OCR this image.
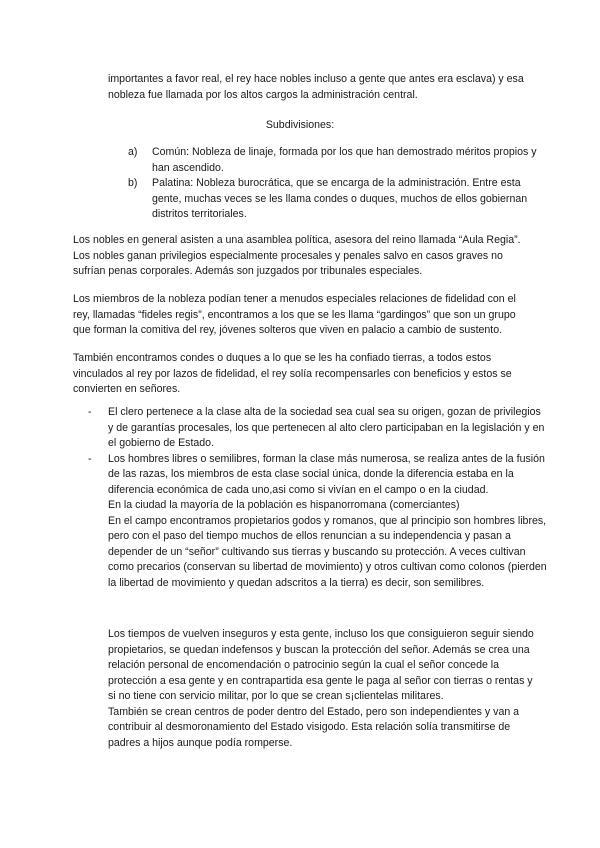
importantes a favor real, el rey hace nobles incluso a gente que antes era esclava) y esa nobleza fue llamada por los altos cargos la administración central.

Subdivisiones:

a)	Común: Nobleza de linaje, formada por los que han demostrado méritos propios y han ascendido.
b)	Palatina: Nobleza burocrática, que se encarga de la administración. Entre esta gente, muchas veces se les llama condes o duques, muchos de ellos gobiernan distritos territoriales.

Los nobles en general asisten a una asamblea política, asesora del reino llamada “Aula Regia”. Los nobles ganan privilegios especialmente procesales y penales salvo en casos graves no sufrían penas corporales. Además son juzgados por tribunales especiales.

Los miembros de la nobleza podían tener a menudos especiales relaciones de fidelidad con el rey, llamadas “fideles regis”, encontramos a los que se les llama “gardingos” que son un grupo que forman la comitiva del rey, jóvenes solteros que viven en palacio a cambio de sustento.

También encontramos condes o duques a lo que se les ha confiado tierras, a todos estos vinculados al rey por lazos de fidelidad, el rey solía recompensarles con beneficios y estos se convierten en señores.

-	El clero pertenece a la clase alta de la sociedad sea cual sea su origen, gozan de privilegios y de garantías procesales, los que pertenecen al alto clero participaban en la legislación y en el gobierno de Estado.

-	Los hombres libres o semilibres, forman la clase más numerosa, se realiza antes de la fusión de las razas, los miembros de esta clase social única, donde la diferencia estaba en la diferencia económica de cada uno,asi como si vivían en el campo o en la ciudad.

En la ciudad la mayoría de la población es hispanorromana (comerciantes)

En el campo encontramos propietarios godos y romanos, que al principio son hombres libres, pero con el paso del tiempo muchos de ellos renuncian a su independencia y pasan a depender de un “señor” cultivando sus tierras y buscando su protección. A veces cultivan como precarios (conservan su libertad de movimiento) y otros cultivan como colonos (pierden la libertad de movimiento y quedan adscritos a la tierra) es decir, son semilibres.

Los tiempos de vuelven inseguros y esta gente, incluso los que consiguieron seguir siendo propietarios, se quedan indefensos y buscan la protección del señor. Además se crea una relación personal de encomendación o patrocinio según la cual el señor concede la protección a esa gente y en contrapartida esa gente le paga al señor con tierras o rentas y si no tiene con servicio militar, por lo que se crean s¡clientelas militares.

También se crean centros de poder dentro del Estado, pero son independientes y van a contribuir al desmoronamiento del Estado visigodo. Esta relación solía transmitirse de padres a hijos aunque podía romperse.
